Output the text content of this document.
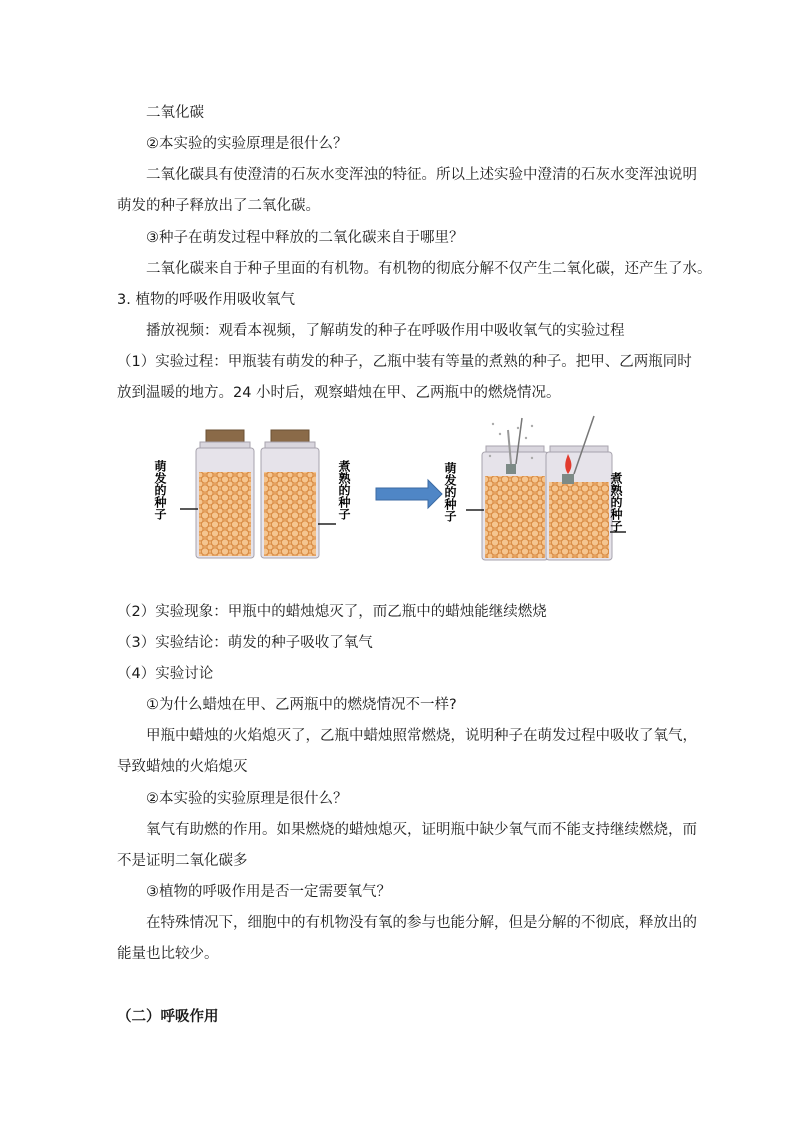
二氧化碳
②本实验的实验原理是很什么？
二氧化碳具有使澄清的石灰水变浑浊的特征。所以上述实验中澄清的石灰水变浑浊说明
萌发的种子释放出了二氧化碳。
③种子在萌发过程中释放的二氧化碳来自于哪里？
二氧化碳来自于种子里面的有机物。有机物的彻底分解不仅产生二氧化碳，还产生了水。
3. 植物的呼吸作用吸收氧气
播放视频：观看本视频，了解萌发的种子在呼吸作用中吸收氧气的实验过程
（1）实验过程：甲瓶装有萌发的种子，乙瓶中装有等量的煮熟的种子。把甲、乙两瓶同时
放到温暖的地方。24 小时后，观察蜡烛在甲、乙两瓶中的燃烧情况。
萌发的种子	煮熟的种子	萌发的种子	煮熟的种子
（2）实验现象：甲瓶中的蜡烛熄灭了，而乙瓶中的蜡烛能继续燃烧
（3）实验结论：萌发的种子吸收了氧气
（4）实验讨论
①为什么蜡烛在甲、乙两瓶中的燃烧情况不一样?
甲瓶中蜡烛的火焰熄灭了，乙瓶中蜡烛照常燃烧，说明种子在萌发过程中吸收了氧气，
导致蜡烛的火焰熄灭
②本实验的实验原理是很什么？
氧气有助燃的作用。如果燃烧的蜡烛熄灭，证明瓶中缺少氧气而不能支持继续燃烧，而
不是证明二氧化碳多
③植物的呼吸作用是否一定需要氧气？
在特殊情况下，细胞中的有机物没有氧的参与也能分解，但是分解的不彻底，释放出的
能量也比较少。
（二）呼吸作用
